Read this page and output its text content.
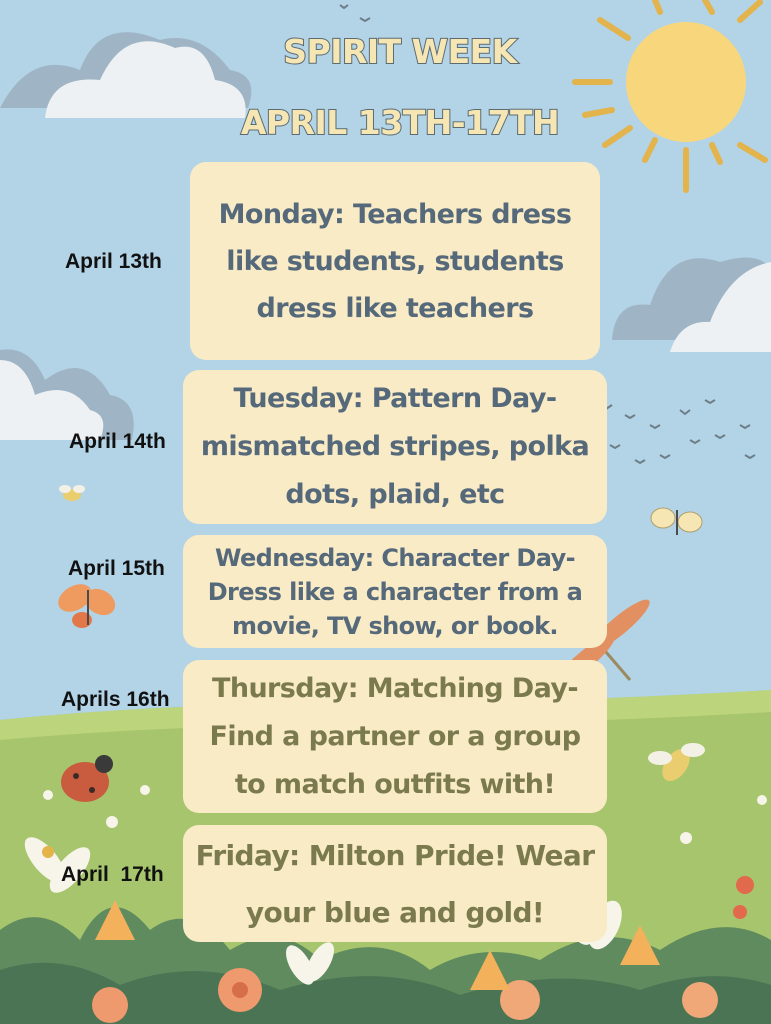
SPIRIT WEEK
APRIL 13TH-17TH
April 13th
Monday: Teachers dress like students, students dress like teachers
April 14th
Tuesday: Pattern Day- mismatched stripes, polka dots, plaid, etc
April 15th	Wednesday: Character Day- Dress like a character from a movie, TV show, or book.
Aprils 16th	Thursday: Matching Day- Find a partner or a group to match outfits with!
April  17th
Friday: Milton Pride! Wear your blue and gold!
